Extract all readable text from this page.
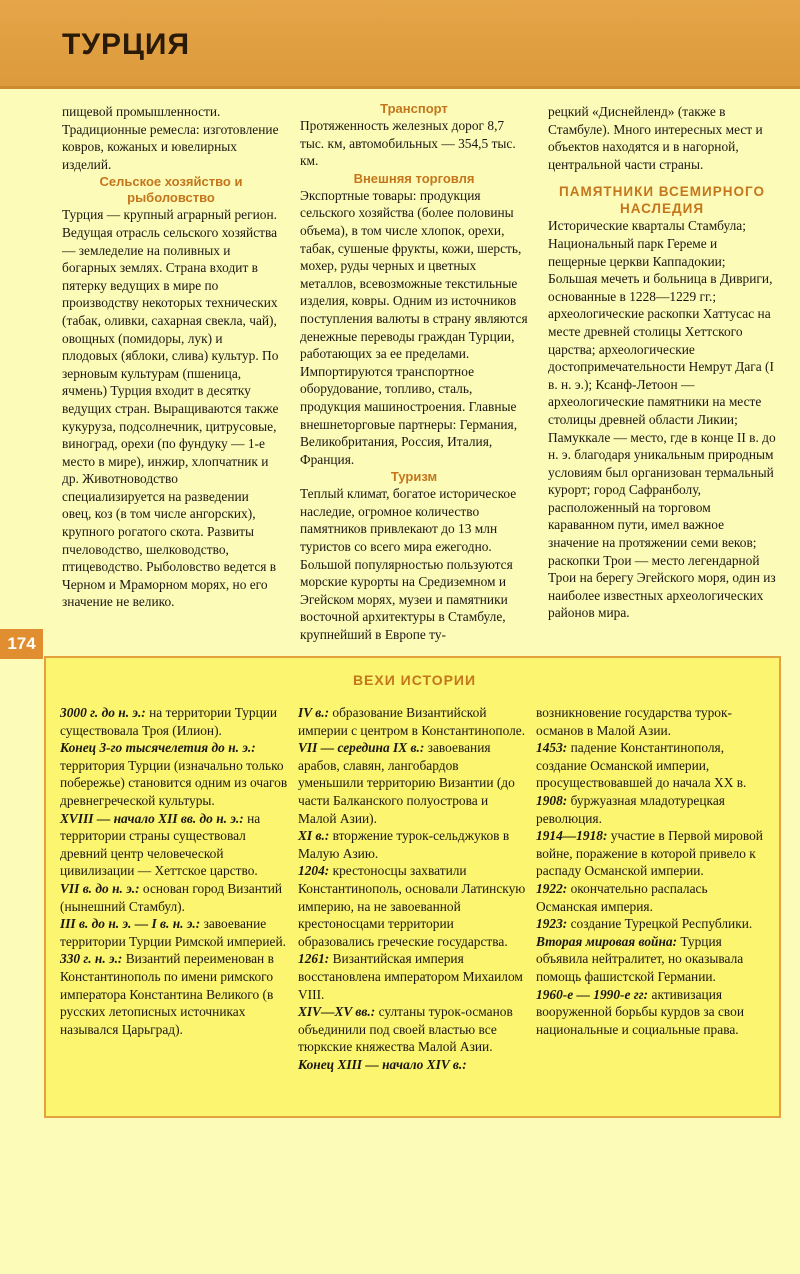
ТУРЦИЯ

пищевой промышленности. Традиционные ремесла: изготовление ковров, кожаных и ювелирных изделий.

Сельское хозяйство и рыболовство

Турция — крупный аграрный регион. Ведущая отрасль сельского хозяйства — земледелие на поливных и богарных землях. Страна входит в пятерку ведущих в мире по производству некоторых технических (табак, оливки, сахарная свекла, чай), овощных (помидоры, лук) и плодовых (яблоки, слива) культур. По зерновым культурам (пшеница, ячмень) Турция входит в десятку ведущих стран. Выращиваются также кукуруза, подсолнечник, цитрусовые, виноград, орехи (по фундуку — 1-е место в мире), инжир, хлопчатник и др. Животноводство специализируется на разведении овец, коз (в том числе ангорских), крупного рогатого скота. Развиты пчеловодство, шелководство, птицеводство. Рыболовство ведется в Черном и Мраморном морях, но его значение не велико.

Транспорт

Протяженность железных дорог 8,7 тыс. км, автомобильных — 354,5 тыс. км.

Внешняя торговля

Экспортные товары: продукция сельского хозяйства (более половины объема), в том числе хлопок, орехи, табак, сушеные фрукты, кожи, шерсть, мохер, руды черных и цветных металлов, всевозможные текстильные изделия, ковры. Одним из источников поступления валюты в страну являются денежные переводы граждан Турции, работающих за ее пределами. Импортируются транспортное оборудование, топливо, сталь, продукция машиностроения. Главные внешнеторговые партнеры: Германия, Великобритания, Россия, Италия, Франция.

Туризм

Теплый климат, богатое историческое наследие, огромное количество памятников привлекают до 13 млн туристов со всего мира ежегодно. Большой популярностью пользуются морские курорты на Средиземном и Эгейском морях, музеи и памятники восточной архитектуры в Стамбуле, крупнейший в Европе ту-

рецкий «Диснейленд» (также в Стамбуле). Много интересных мест и объектов находятся и в нагорной, центральной части страны.

ПАМЯТНИКИ ВСЕМИРНОГО НАСЛЕДИЯ

Исторические кварталы Стамбула; Национальный парк Гереме и пещерные церкви Каппадокии; Большая мечеть и больница в Дивриги, основанные в 1228—1229 гг.; археологические раскопки Хаттусас на месте древней столицы Хеттского царства; археологические достопримечательности Немрут Дага (I в. н. э.); Ксанф-Летоон — археологические памятники на месте столицы древней области Ликии; Памуккале — место, где в конце II в. до н. э. благодаря уникальным природным условиям был организован термальный курорт; город Сафранболу, расположенный на торговом караванном пути, имел важное значение на протяжении семи веков; раскопки Трои — место легендарной Трои на берегу Эгейского моря, один из наиболее известных археологических районов мира.

174
ВЕХИ ИСТОРИИ

3000 г. до н. э.: на территории Турции существовала Троя (Илион).

Конец 3-го тысячелетия до н. э.: территория Турции (изначально только побережье) становится одним из очагов древнегреческой культуры.

XVIII — начало XII вв. до н. э.: на территории страны существовал древний центр человеческой цивилизации — Хеттское царство.

VII в. до н. э.: основан город Византий (нынешний Стамбул).

III в. до н. э. — I в. н. э.: завоевание территории Турции Римской империей.

330 г. н. э.: Византий переименован в Константинополь по имени римского императора Константина Великого (в русских летописных источниках назывался Царьград).

IV в.: образование Византийской империи с центром в Константинополе.

VII — середина IX в.: завоевания арабов, славян, лангобардов уменьшили территорию Византии (до части Балканского полуострова и Малой Азии).

XI в.: вторжение турок-сельджуков в Малую Азию.

1204: крестоносцы захватили Константинополь, основали Латинскую империю, на не завоеванной крестоносцами территории образовались греческие государства.

1261: Византийская империя восстановлена императором Михаилом VIII.

XIV—XV вв.: султаны турок-османов объединили под своей властью все тюркские княжества Малой Азии.

Конец XIII — начало XIV в.:

возникновение государства турок-османов в Малой Азии.

1453: падение Константинополя, создание Османской империи, просуществовавшей до начала XX в.

1908: буржуазная младотурецкая революция.

1914—1918: участие в Первой мировой войне, поражение в которой привело к распаду Османской империи.

1922: окончательно распалась Османская империя.

1923: создание Турецкой Республики.

Вторая мировая война: Турция объявила нейтралитет, но оказывала помощь фашистской Германии.

1960-е — 1990-е гг: активизация вооруженной борьбы курдов за свои национальные и социальные права.
